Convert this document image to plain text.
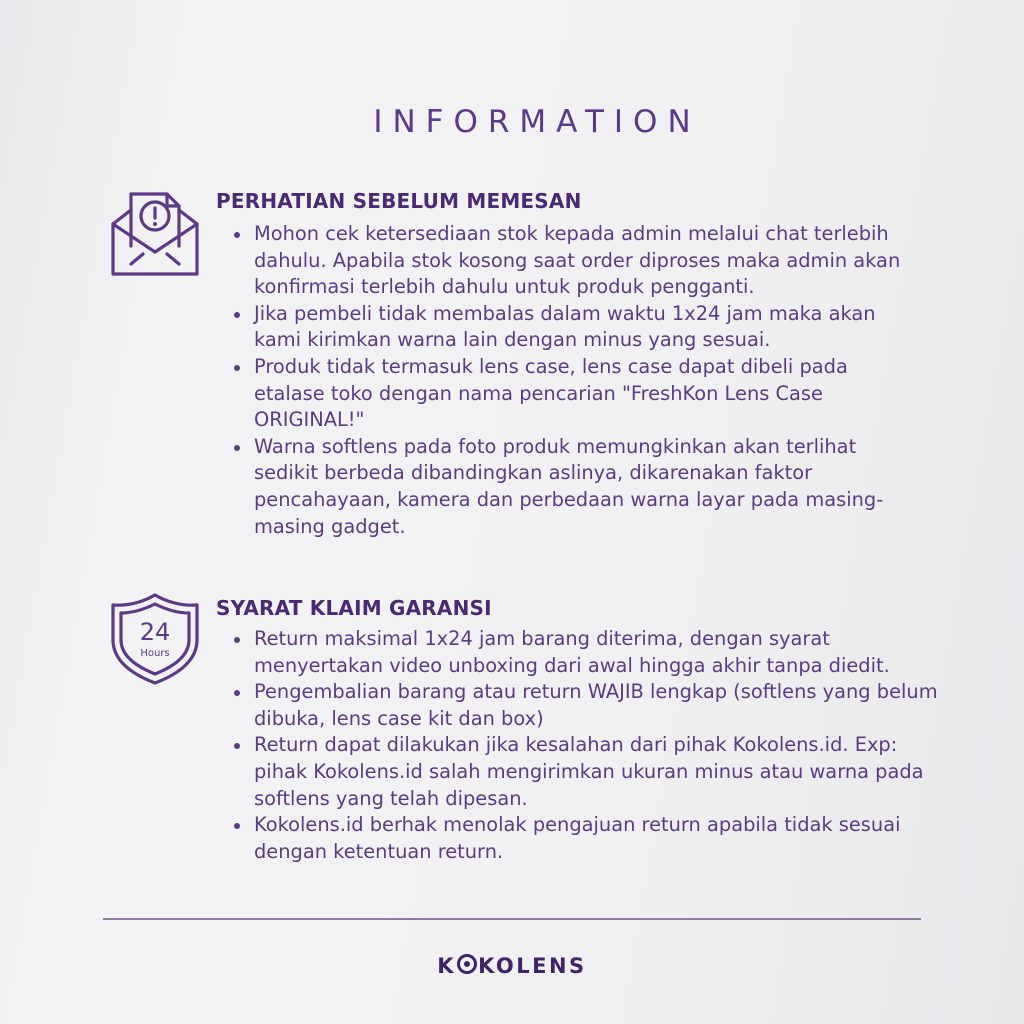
INFORMATION
PERHATIAN SEBELUM MEMESAN
Mohon cek ketersediaan stok kepada admin melalui chat terlebih dahulu. Apabila stok kosong saat order diproses maka admin akan konfirmasi terlebih dahulu untuk produk pengganti.
Jika pembeli tidak membalas dalam waktu 1x24 jam maka akan kami kirimkan warna lain dengan minus yang sesuai.
Produk tidak termasuk lens case, lens case dapat dibeli pada etalase toko dengan nama pencarian "FreshKon Lens Case ORIGINAL!"
Warna softlens pada foto produk memungkinkan akan terlihat sedikit berbeda dibandingkan aslinya, dikarenakan faktor pencahayaan, kamera dan perbedaan warna layar pada masing-masing gadget.
24
Hours
SYARAT KLAIM GARANSI
Return maksimal 1x24 jam barang diterima, dengan syarat menyertakan video unboxing dari awal hingga akhir tanpa diedit.
Pengembalian barang atau return WAJIB lengkap (softlens yang belum dibuka, lens case kit dan box)
Return dapat dilakukan jika kesalahan dari pihak Kokolens.id. Exp: pihak Kokolens.id salah mengirimkan ukuran minus atau warna pada softlens yang telah dipesan.
Kokolens.id berhak menolak pengajuan return apabila tidak sesuai dengan ketentuan return.
K KOLENS
